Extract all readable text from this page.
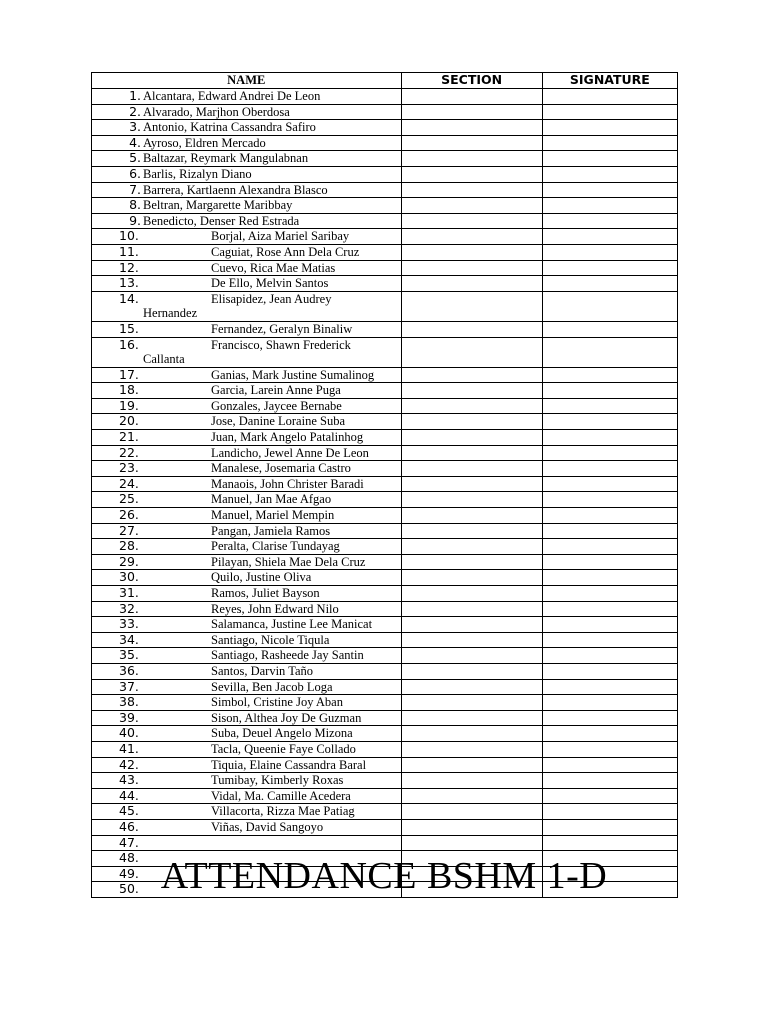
NAME	SECTION	SIGNATURE
1. Alcantara, Edward Andrei De Leon		
2. Alvarado, Marjhon Oberdosa		
3. Antonio, Katrina Cassandra Safiro		
4. Ayroso, Eldren Mercado		
5. Baltazar, Reymark Mangulabnan		
6. Barlis, Rizalyn Diano		
7. Barrera, Kartlaenn Alexandra Blasco		
8. Beltran, Margarette Maribbay		
9. Benedicto, Denser Red Estrada		
10. Borjal, Aiza Mariel Saribay		
11. Caguiat, Rose Ann Dela Cruz		
12. Cuevo, Rica Mae Matias		
13. De Ello, Melvin Santos		
14. Elisapidez, Jean Audrey
Hernandez		

15. Fernandez, Geralyn Binaliw		
16. Francisco, Shawn Frederick
Callanta		

17. Ganias, Mark Justine Sumalinog		
18. Garcia, Larein Anne Puga		
19. Gonzales, Jaycee Bernabe		
20. Jose, Danine Loraine Suba		
21. Juan, Mark Angelo Patalinhog		
22. Landicho, Jewel Anne De Leon		
23. Manalese, Josemaria Castro		
24. Manaois, John Christer Baradi		
25. Manuel, Jan Mae Afgao		
26. Manuel, Mariel Mempin		
27. Pangan, Jamiela Ramos		
28. Peralta, Clarise Tundayag		
29. Pilayan, Shiela Mae Dela Cruz		
30. Quilo, Justine Oliva		
31. Ramos, Juliet Bayson		
32. Reyes, John Edward Nilo		
33. Salamanca, Justine Lee Manicat		
34. Santiago, Nicole Tiqula		
35. Santiago, Rasheede Jay Santin		
36. Santos, Darvin Taño		
37. Sevilla, Ben Jacob Loga		
38. Simbol, Cristine Joy Aban		
39. Sison, Althea Joy De Guzman		
40. Suba, Deuel Angelo Mizona		
41. Tacla, Queenie Faye Collado		
42. Tiquia, Elaine Cassandra Baral		
43. Tumibay, Kimberly Roxas		
44. Vidal, Ma. Camille Acedera		
45. Villacorta, Rizza Mae Patiag		
46. Viñas, David Sangoyo		
47.		
48.		
49.		
50.		ATTENDANCE BSHM 1-D
